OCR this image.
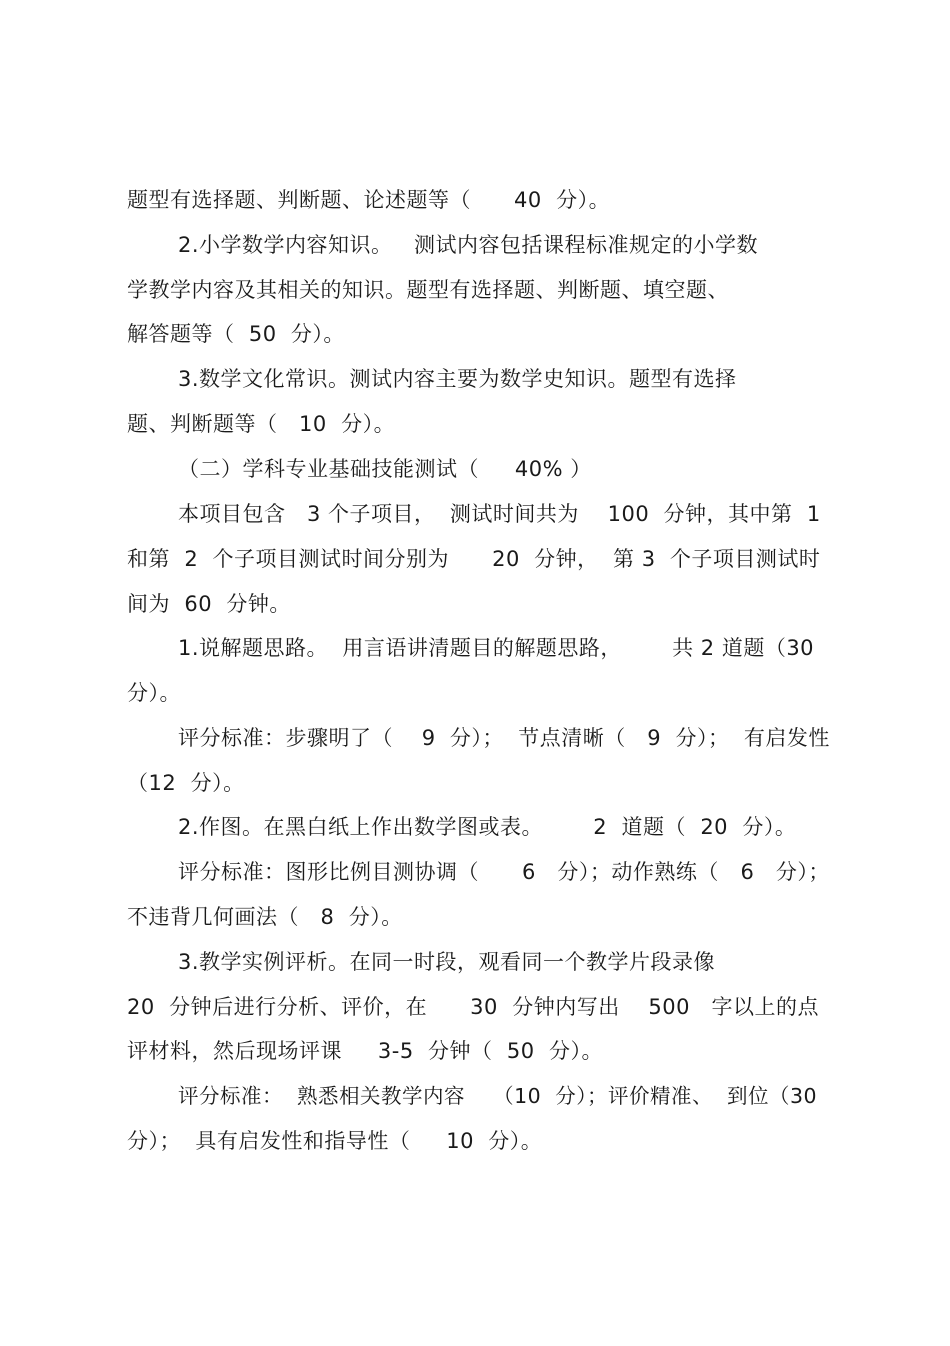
题型有选择题、判断题、论述题等（      40  分）。
2.小学数学内容知识。   测试内容包括课程标准规定的小学数
学教学内容及其相关的知识。题型有选择题、判断题、填空题、
解答题等（  50  分）。
3.数学文化常识。测试内容主要为数学史知识。题型有选择
题、判断题等（   10  分）。
（二）学科专业基础技能测试（     40% ）
本项目包含   3 个子项目，  测试时间共为    100  分钟，其中第  1
和第  2  个子项目测试时间分别为      20  分钟，  第 3  个子项目测试时
间为  60  分钟。
1.说解题思路。  用言语讲清题目的解题思路，       共 2 道题（30
分）。
评分标准：步骤明了（    9  分）；  节点清晰（   9  分）；  有启发性
（12  分）。
2.作图。在黑白纸上作出数学图或表。       2  道题（  20  分）。
评分标准：图形比例目测协调（      6   分）；动作熟练（   6   分）；
不违背几何画法（   8  分）。
3.教学实例评析。在同一时段，观看同一个教学片段录像
20  分钟后进行分析、评价，在      30  分钟内写出    500   字以上的点
评材料，然后现场评课     3-5  分钟（  50  分）。
评分标准：  熟悉相关教学内容    （10  分）；评价精准、  到位（30
分）；  具有启发性和指导性（     10  分）。
